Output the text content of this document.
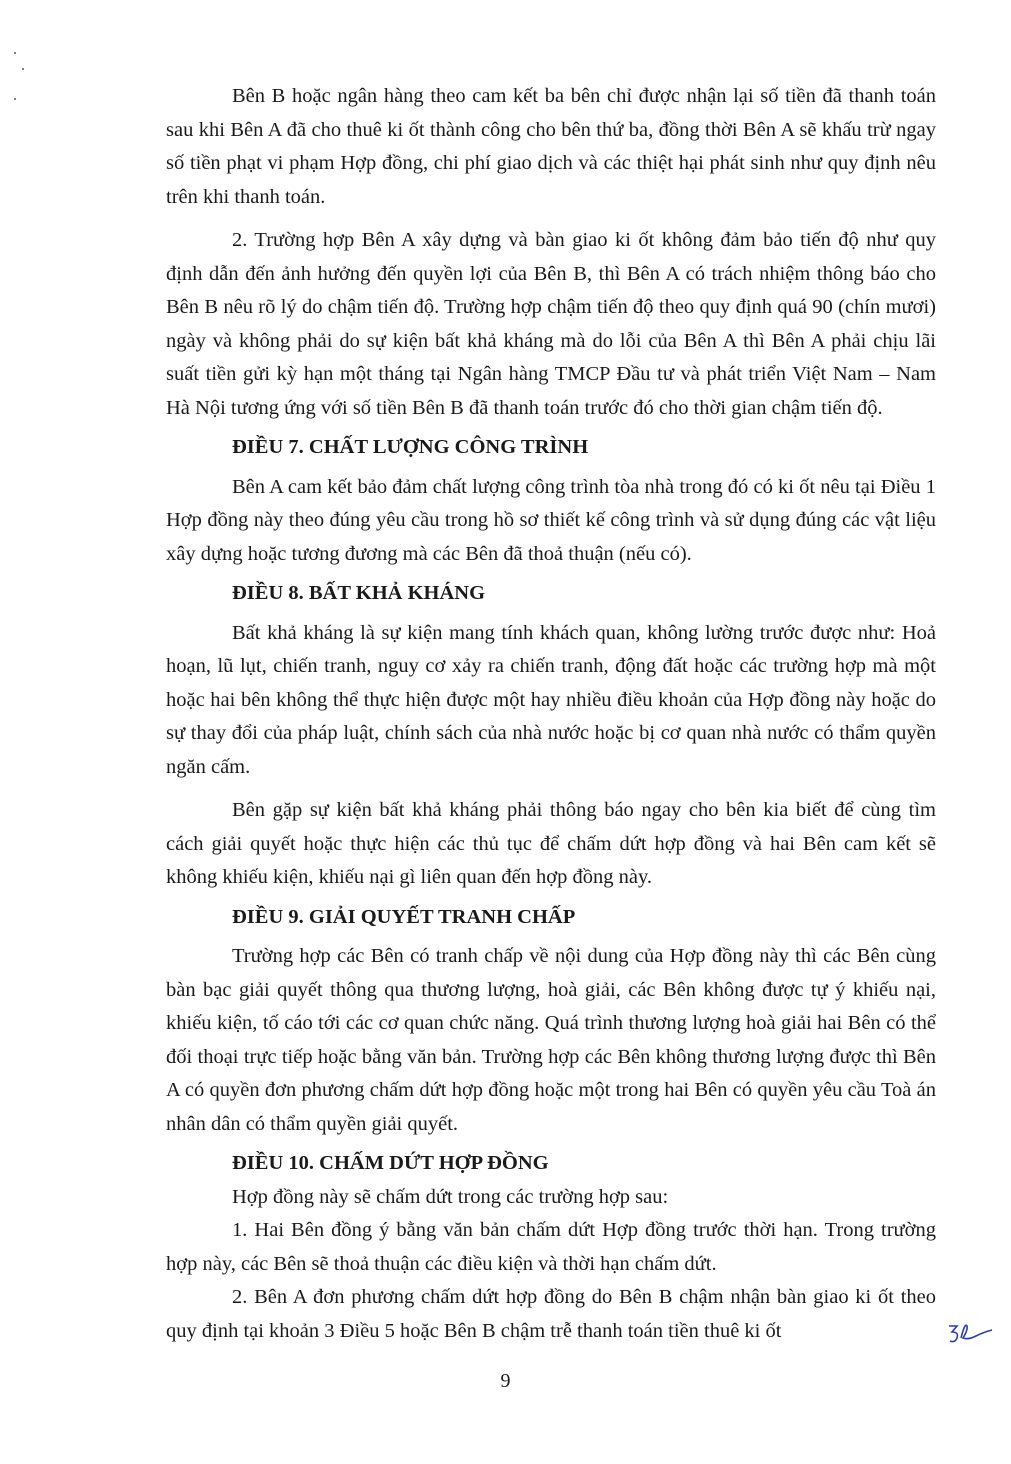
Bên B hoặc ngân hàng theo cam kết ba bên chỉ được nhận lại số tiền đã thanh toán sau khi Bên A đã cho thuê ki ốt thành công cho bên thứ ba, đồng thời Bên A sẽ khấu trừ ngay số tiền phạt vi phạm Hợp đồng, chi phí giao dịch và các thiệt hại phát sinh như quy định nêu trên khi thanh toán.

2. Trường hợp Bên A xây dựng và bàn giao ki ốt không đảm bảo tiến độ như quy định dẫn đến ảnh hưởng đến quyền lợi của Bên B, thì Bên A có trách nhiệm thông báo cho Bên B nêu rõ lý do chậm tiến độ. Trường hợp chậm tiến độ theo quy định quá 90 (chín mươi) ngày và không phải do sự kiện bất khả kháng mà do lỗi của Bên A thì Bên A phải chịu lãi suất tiền gửi kỳ hạn một tháng tại Ngân hàng TMCP Đầu tư và phát triển Việt Nam – Nam Hà Nội tương ứng với số tiền Bên B đã thanh toán trước đó cho thời gian chậm tiến độ.

ĐIỀU 7. CHẤT LƯỢNG CÔNG TRÌNH

Bên A cam kết bảo đảm chất lượng công trình tòa nhà trong đó có ki ốt nêu tại Điều 1 Hợp đồng này theo đúng yêu cầu trong hồ sơ thiết kế công trình và sử dụng đúng các vật liệu xây dựng hoặc tương đương mà các Bên đã thoả thuận (nếu có).

ĐIỀU 8. BẤT KHẢ KHÁNG

Bất khả kháng là sự kiện mang tính khách quan, không lường trước được như: Hoả hoạn, lũ lụt, chiến tranh, nguy cơ xảy ra chiến tranh, động đất hoặc các trường hợp mà một hoặc hai bên không thể thực hiện được một hay nhiều điều khoản của Hợp đồng này hoặc do sự thay đổi của pháp luật, chính sách của nhà nước hoặc bị cơ quan nhà nước có thẩm quyền ngăn cấm.

Bên gặp sự kiện bất khả kháng phải thông báo ngay cho bên kia biết để cùng tìm cách giải quyết hoặc thực hiện các thủ tục để chấm dứt hợp đồng và hai Bên cam kết sẽ không khiếu kiện, khiếu nại gì liên quan đến hợp đồng này.

ĐIỀU 9. GIẢI QUYẾT TRANH CHẤP

Trường hợp các Bên có tranh chấp về nội dung của Hợp đồng này thì các Bên cùng bàn bạc giải quyết thông qua thương lượng, hoà giải, các Bên không được tự ý khiếu nại, khiếu kiện, tố cáo tới các cơ quan chức năng. Quá trình thương lượng hoà giải hai Bên có thể đối thoại trực tiếp hoặc bằng văn bản. Trường hợp các Bên không thương lượng được thì Bên A có quyền đơn phương chấm dứt hợp đồng hoặc một trong hai Bên có quyền yêu cầu Toà án nhân dân có thẩm quyền giải quyết.

ĐIỀU 10. CHẤM DỨT HỢP ĐỒNG

Hợp đồng này sẽ chấm dứt trong các trường hợp sau:

1. Hai Bên đồng ý bằng văn bản chấm dứt Hợp đồng trước thời hạn. Trong trường hợp này, các Bên sẽ thoả thuận các điều kiện và thời hạn chấm dứt.

2. Bên A đơn phương chấm dứt hợp đồng do Bên B chậm nhận bàn giao ki ốt theo quy định tại khoản 3 Điều 5 hoặc Bên B chậm trễ thanh toán tiền thuê ki ốt

9
